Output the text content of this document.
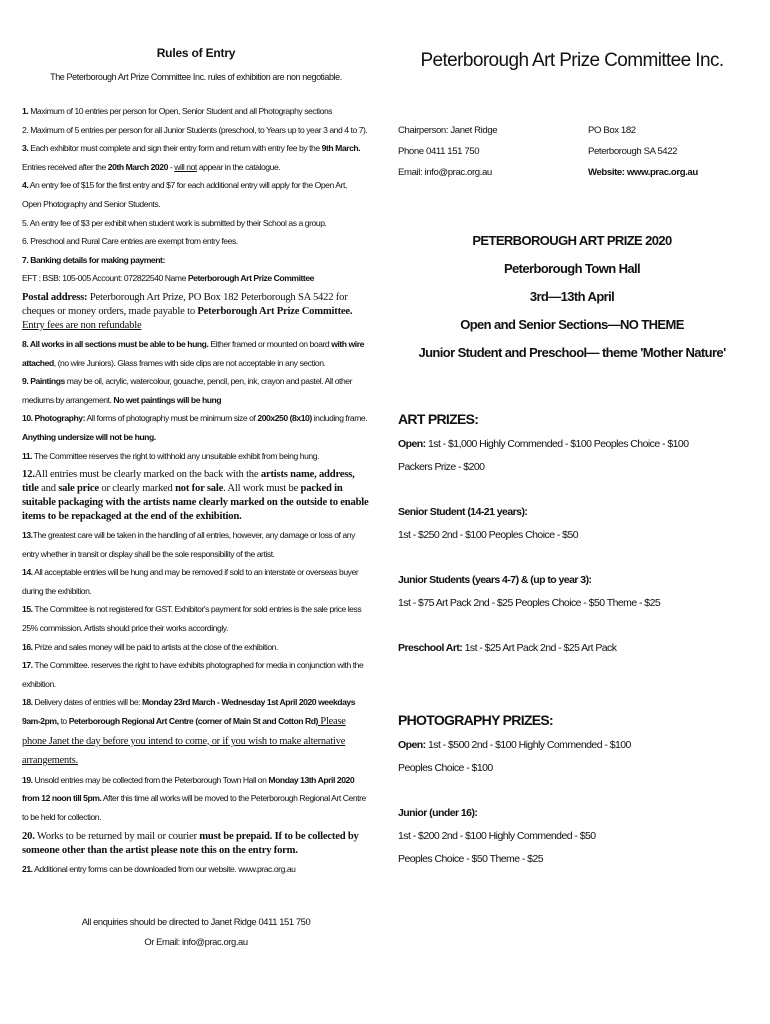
Rules of Entry

The Peterborough Art Prize Committee Inc. rules of exhibition are non negotiable.

1. Maximum of 10 entries per person for Open, Senior Student and all Photography sections

2. Maximum of 5 entries per person for all Junior Students (preschool, to Years up to year 3 and 4 to 7).

3. Each exhibitor must complete and sign their entry form and return with entry fee by the 9th March.

Entries received after the 20th March 2020 - will not appear in the catalogue.

4. An entry fee of $15 for the first entry and $7 for each additional entry will apply for the Open Art,

Open Photography and Senior Students.

5. An entry fee of $3 per exhibit when student work is submitted by their School as a group.

6. Preschool and Rural Care entries are exempt from entry fees.

7. Banking details for making payment:

EFT : BSB: 105-005 Account: 072822540 Name Peterborough Art Prize Committee

Postal address: Peterborough Art Prize, PO Box 182 Peterborough SA 5422 for cheques or money orders, made payable to Peterborough Art Prize Committee.
Entry fees are non refundable

8. All works in all sections must be able to be hung. Either framed or mounted on board with wire attached, (no wire Juniors). Glass frames with side clips are not acceptable in any section.

9. Paintings may be oil, acrylic, watercolour, gouache, pencil, pen, ink, crayon and pastel. All other mediums by arrangement. No wet paintings will be hung

10. Photography: All forms of photography must be minimum size of 200x250 (8x10) including frame.
Anything undersize will not be hung.

11. The Committee reserves the right to withhold any unsuitable exhibit from being hung.

12.All entries must be clearly marked on the back with the artists name, address, title and sale price or clearly marked not for sale. All work must be packed in suitable packaging with the artists name clearly marked on the outside to enable items to be repackaged at the end of the exhibition.

13.The greatest care will be taken in the handling of all entries, however, any damage or loss of any entry whether in transit or display shall be the sole responsibility of the artist.

14. All acceptable entries will be hung and may be removed if sold to an interstate or overseas buyer during the exhibition.

15. The Committee is not registered for GST. Exhibitor's payment for sold entries is the sale price less 25% commission. Artists should price their works accordingly.

16. Prize and sales money will be paid to artists at the close of the exhibition.

17. The Committee. reserves the right to have exhibits photographed for media in conjunction with the exhibition.

18. Delivery dates of entries will be: Monday 23rd March - Wednesday 1st April 2020 weekdays 9am-2pm, to Peterborough Regional Art Centre (corner of Main St and Cotton Rd) Please phone Janet the day before you intend to come, or if you wish to make alternative arrangements.

19. Unsold entries may be collected from the Peterborough Town Hall on Monday 13th April 2020 from 12 noon till 5pm. After this time all works will be moved to the Peterborough Regional Art Centre to be held for collection.

20. Works to be returned by mail or courier must be prepaid. If to be collected by someone other than the artist please note this on the entry form.

21. Additional entry forms can be downloaded from our website. www.prac.org.au

All enquiries should be directed to Janet Ridge 0411 151 750
Or Email: info@prac.org.au

Peterborough Art Prize Committee Inc.

Chairperson: Janet Ridge
Phone 0411 151 750
Email: info@prac.org.au
PO Box 182
Peterborough SA 5422
Website: www.prac.org.au

PETERBOROUGH ART PRIZE 2020

Peterborough Town Hall

3rd—13th April

Open and Senior Sections—NO THEME

Junior Student and Preschool— theme 'Mother Nature'

ART PRIZES:

Open: 1st - $1,000 Highly Commended - $100 Peoples Choice - $100

Packers Prize - $200

Senior Student (14-21 years):

1st - $250 2nd - $100 Peoples Choice - $50

Junior Students (years 4-7) & (up to year 3):

1st - $75 Art Pack 2nd - $25 Peoples Choice - $50 Theme - $25

Preschool Art: 1st - $25 Art Pack 2nd - $25 Art Pack

PHOTOGRAPHY PRIZES:

Open: 1st - $500 2nd - $100 Highly Commended - $100

Peoples Choice - $100

Junior (under 16):

1st - $200 2nd - $100 Highly Commended - $50

Peoples Choice - $50 Theme - $25
